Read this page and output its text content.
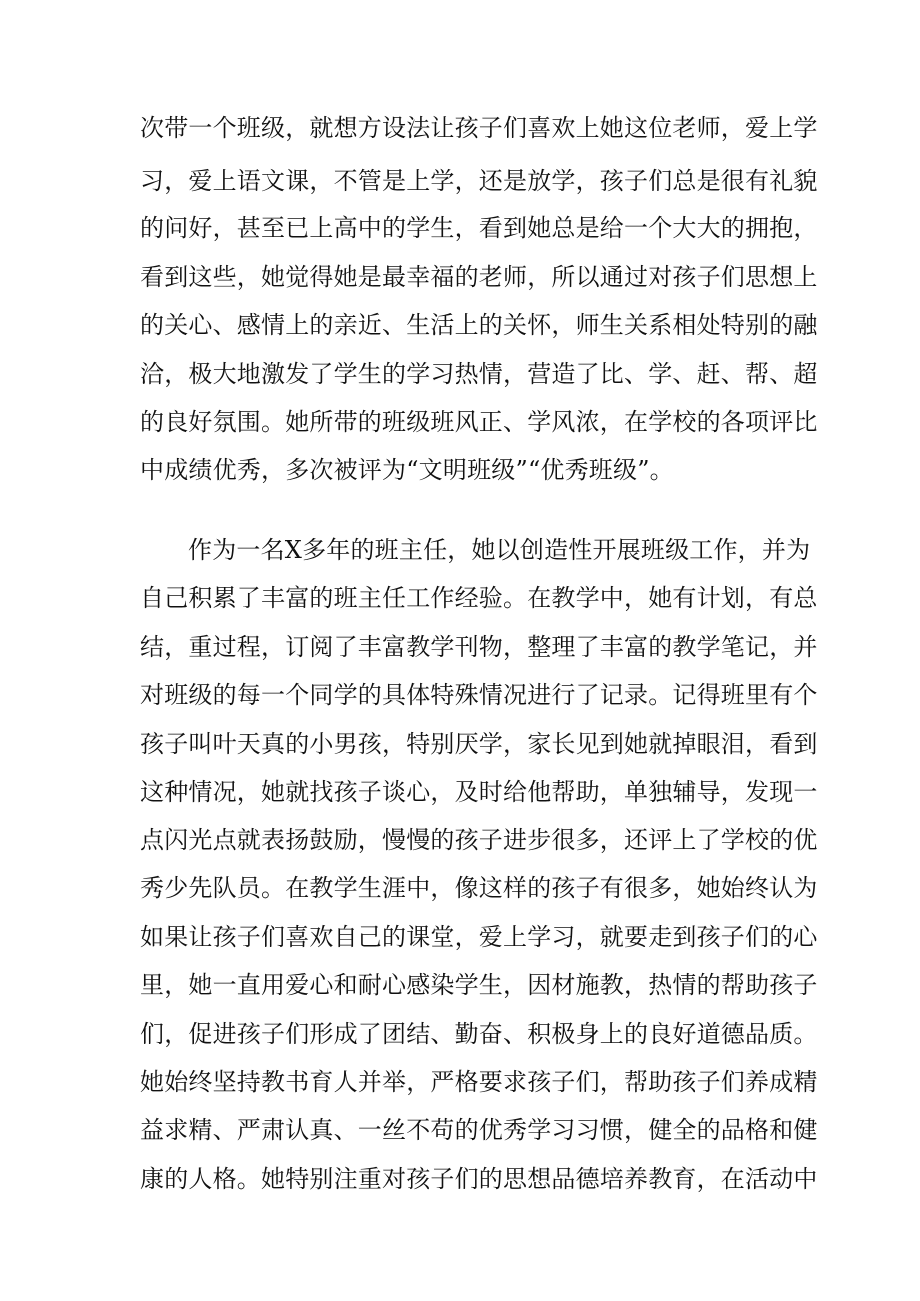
次带一个班级，就想方设法让孩子们喜欢上她这位老师，爱上学
习，爱上语文课，不管是上学，还是放学，孩子们总是很有礼貌
的问好，甚至已上高中的学生，看到她总是给一个大大的拥抱，
看到这些，她觉得她是最幸福的老师，所以通过对孩子们思想上
的关心、感情上的亲近、生活上的关怀，师生关系相处特别的融
洽，极大地激发了学生的学习热情，营造了比、学、赶、帮、超
的良好氛围。她所带的班级班风正、学风浓，在学校的各项评比
中成绩优秀，多次被评为“文明班级”“优秀班级”。
作为一名X多年的班主任，她以创造性开展班级工作，并为
自己积累了丰富的班主任工作经验。在教学中，她有计划，有总
结，重过程，订阅了丰富教学刊物，整理了丰富的教学笔记，并
对班级的每一个同学的具体特殊情况进行了记录。记得班里有个
孩子叫叶天真的小男孩，特别厌学，家长见到她就掉眼泪，看到
这种情况，她就找孩子谈心，及时给他帮助，单独辅导，发现一
点闪光点就表扬鼓励，慢慢的孩子进步很多，还评上了学校的优
秀少先队员。在教学生涯中，像这样的孩子有很多，她始终认为
如果让孩子们喜欢自己的课堂，爱上学习，就要走到孩子们的心
里，她一直用爱心和耐心感染学生，因材施教，热情的帮助孩子
们，促进孩子们形成了团结、勤奋、积极身上的良好道德品质。
她始终坚持教书育人并举，严格要求孩子们，帮助孩子们养成精
益求精、严肃认真、一丝不苟的优秀学习习惯，健全的品格和健
康的人格。她特别注重对孩子们的思想品德培养教育，在活动中
